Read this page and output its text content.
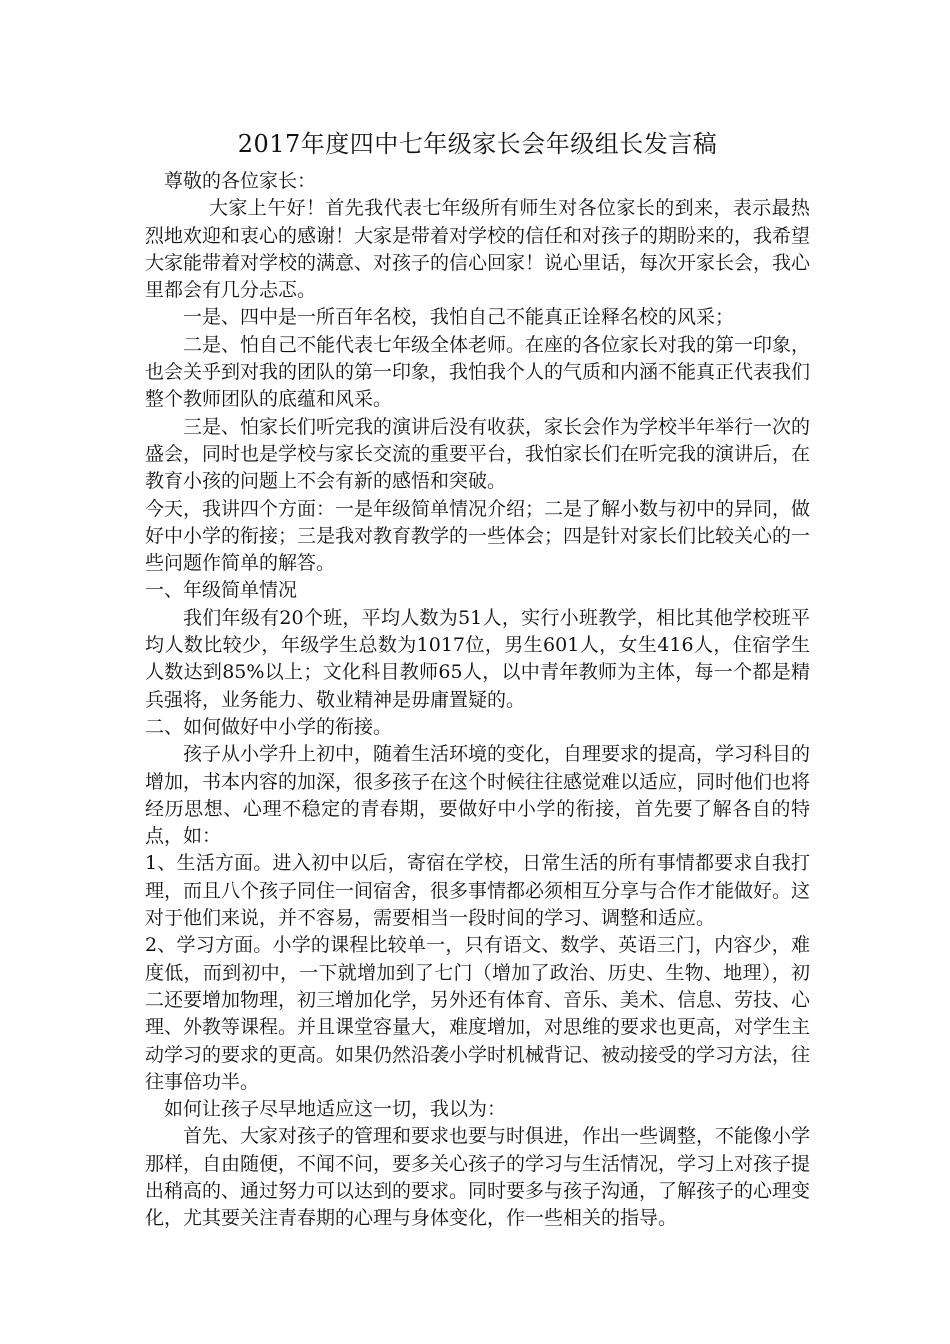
2017年度四中七年级家长会年级组长发言稿

尊敬的各位家长：

大家上午好！首先我代表七年级所有师生对各位家长的到来，表示最热烈地欢迎和衷心的感谢！大家是带着对学校的信任和对孩子的期盼来的，我希望大家能带着对学校的满意、对孩子的信心回家！说心里话，每次开家长会，我心里都会有几分忐忑。

一是、四中是一所百年名校，我怕自己不能真正诠释名校的风采；

二是、怕自己不能代表七年级全体老师。在座的各位家长对我的第一印象，也会关乎到对我的团队的第一印象，我怕我个人的气质和内涵不能真正代表我们整个教师团队的底蕴和风采。

三是、怕家长们听完我的演讲后没有收获，家长会作为学校半年举行一次的盛会，同时也是学校与家长交流的重要平台，我怕家长们在听完我的演讲后，在教育小孩的问题上不会有新的感悟和突破。

今天，我讲四个方面：一是年级简单情况介绍；二是了解小数与初中的异同，做好中小学的衔接；三是我对教育教学的一些体会；四是针对家长们比较关心的一些问题作简单的解答。

一、年级简单情况

我们年级有20个班，平均人数为51人，实行小班教学，相比其他学校班平均人数比较少，年级学生总数为1017位，男生601人，女生416人，住宿学生人数达到85%以上；文化科目教师65人，以中青年教师为主体，每一个都是精兵强将，业务能力、敬业精神是毋庸置疑的。

二、如何做好中小学的衔接。

孩子从小学升上初中，随着生活环境的变化，自理要求的提高，学习科目的增加，书本内容的加深，很多孩子在这个时候往往感觉难以适应，同时他们也将经历思想、心理不稳定的青春期，要做好中小学的衔接，首先要了解各自的特点，如：

1、生活方面。进入初中以后，寄宿在学校，日常生活的所有事情都要求自我打理，而且八个孩子同住一间宿舍，很多事情都必须相互分享与合作才能做好。这对于他们来说，并不容易，需要相当一段时间的学习、调整和适应。

2、学习方面。小学的课程比较单一，只有语文、数学、英语三门，内容少，难度低，而到初中，一下就增加到了七门（增加了政治、历史、生物、地理），初二还要增加物理，初三增加化学，另外还有体育、音乐、美术、信息、劳技、心理、外教等课程。并且课堂容量大，难度增加，对思维的要求也更高，对学生主动学习的要求的更高。如果仍然沿袭小学时机械背记、被动接受的学习方法，往往事倍功半。

如何让孩子尽早地适应这一切，我以为：

首先、大家对孩子的管理和要求也要与时俱进，作出一些调整，不能像小学那样，自由随便，不闻不问，要多关心孩子的学习与生活情况，学习上对孩子提出稍高的、通过努力可以达到的要求。同时要多与孩子沟通，了解孩子的心理变化，尤其要关注青春期的心理与身体变化，作一些相关的指导。
